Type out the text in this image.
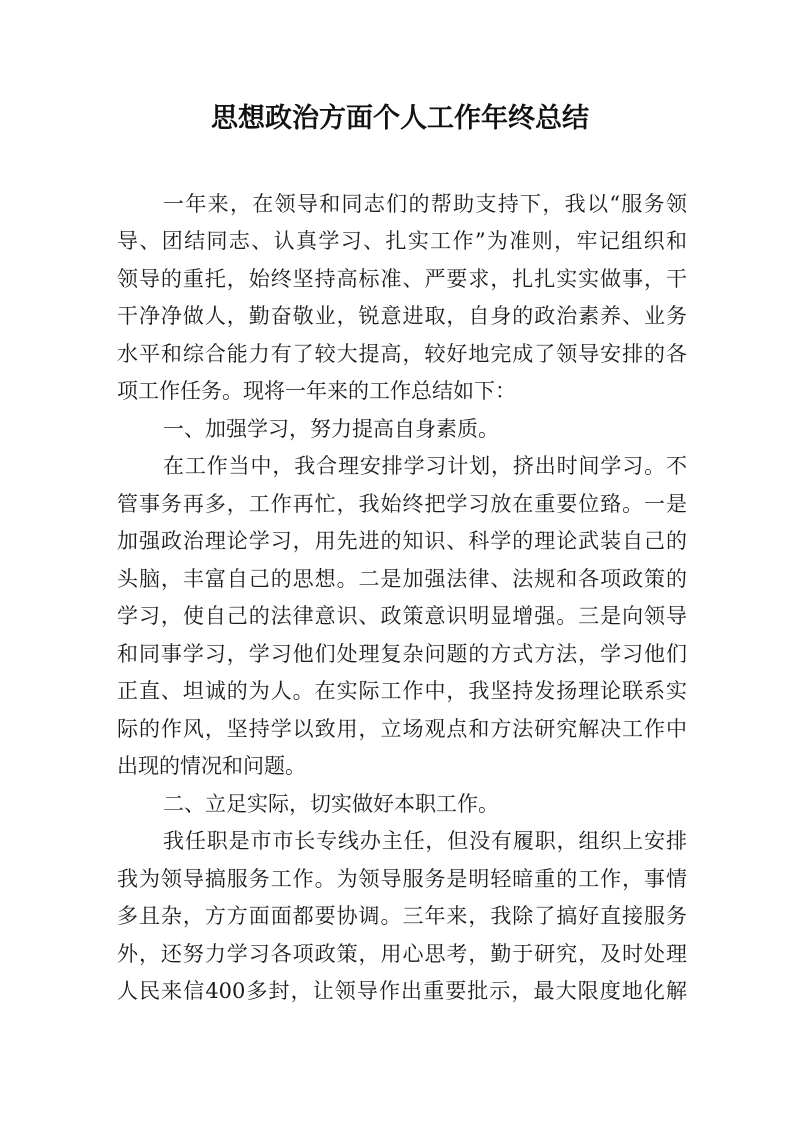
思想政治方面个人工作年终总结
一年来，在领导和同志们的帮助支持下，我以“服务领
导、团结同志、认真学习、扎实工作”为准则，牢记组织和
领导的重托，始终坚持高标准、严要求，扎扎实实做事，干
干净净做人，勤奋敬业，锐意进取，自身的政治素养、业务
水平和综合能力有了较大提高，较好地完成了领导安排的各
项工作任务。现将一年来的工作总结如下：
一、加强学习，努力提高自身素质。
在工作当中，我合理安排学习计划，挤出时间学习。不
管事务再多，工作再忙，我始终把学习放在重要位臵。一是
加强政治理论学习，用先进的知识、科学的理论武装自己的
头脑，丰富自己的思想。二是加强法律、法规和各项政策的
学习，使自己的法律意识、政策意识明显增强。三是向领导
和同事学习，学习他们处理复杂问题的方式方法，学习他们
正直、坦诚的为人。在实际工作中，我坚持发扬理论联系实
际的作风，坚持学以致用，立场观点和方法研究解决工作中
出现的情况和问题。
二、立足实际，切实做好本职工作。
我任职是市市长专线办主任，但没有履职，组织上安排
我为领导搞服务工作。为领导服务是明轻暗重的工作，事情
多且杂，方方面面都要协调。三年来，我除了搞好直接服务
外，还努力学习各项政策，用心思考，勤于研究，及时处理
人民来信400多封，让领导作出重要批示，最大限度地化解
